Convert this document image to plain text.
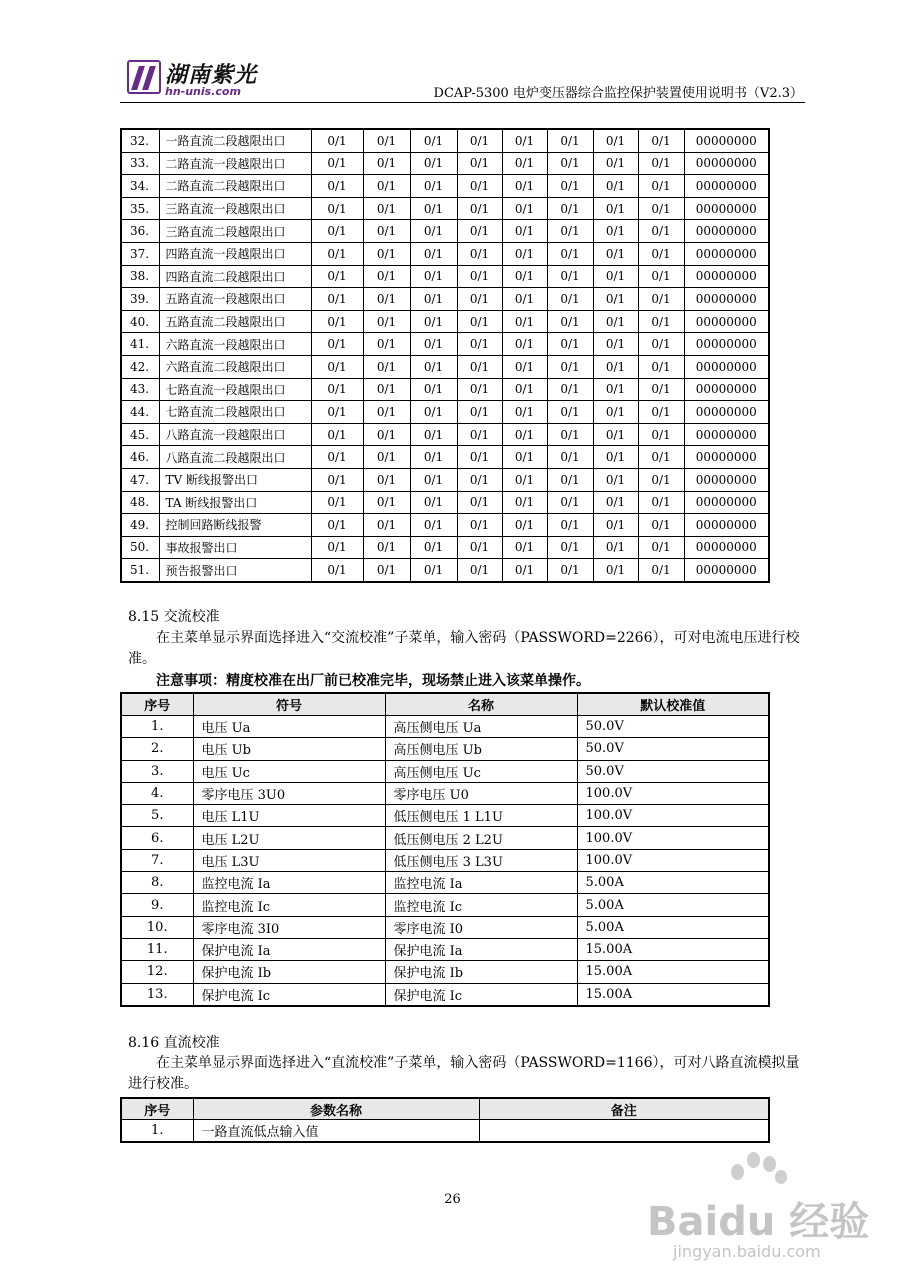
湖南紫光
hn-unis.com	DCAP-5300 电炉变压器综合监控保护装置使用说明书（V2.3）
32.	一路直流二段越限出口	0/1	0/1	0/1	0/1	0/1	0/1	0/1	0/1	00000000
33.	二路直流一段越限出口	0/1	0/1	0/1	0/1	0/1	0/1	0/1	0/1	00000000
34.	二路直流二段越限出口	0/1	0/1	0/1	0/1	0/1	0/1	0/1	0/1	00000000
35.	三路直流一段越限出口	0/1	0/1	0/1	0/1	0/1	0/1	0/1	0/1	00000000
36.	三路直流二段越限出口	0/1	0/1	0/1	0/1	0/1	0/1	0/1	0/1	00000000
37.	四路直流一段越限出口	0/1	0/1	0/1	0/1	0/1	0/1	0/1	0/1	00000000
38.	四路直流二段越限出口	0/1	0/1	0/1	0/1	0/1	0/1	0/1	0/1	00000000
39.	五路直流一段越限出口	0/1	0/1	0/1	0/1	0/1	0/1	0/1	0/1	00000000
40.	五路直流二段越限出口	0/1	0/1	0/1	0/1	0/1	0/1	0/1	0/1	00000000
41.	六路直流一段越限出口	0/1	0/1	0/1	0/1	0/1	0/1	0/1	0/1	00000000
42.	六路直流二段越限出口	0/1	0/1	0/1	0/1	0/1	0/1	0/1	0/1	00000000
43.	七路直流一段越限出口	0/1	0/1	0/1	0/1	0/1	0/1	0/1	0/1	00000000
44.	七路直流二段越限出口	0/1	0/1	0/1	0/1	0/1	0/1	0/1	0/1	00000000
45.	八路直流一段越限出口	0/1	0/1	0/1	0/1	0/1	0/1	0/1	0/1	00000000
46.	八路直流二段越限出口	0/1	0/1	0/1	0/1	0/1	0/1	0/1	0/1	00000000
47.	TV 断线报警出口	0/1	0/1	0/1	0/1	0/1	0/1	0/1	0/1	00000000
48.	TA 断线报警出口	0/1	0/1	0/1	0/1	0/1	0/1	0/1	0/1	00000000
49.	控制回路断线报警	0/1	0/1	0/1	0/1	0/1	0/1	0/1	0/1	00000000
50.	事故报警出口	0/1	0/1	0/1	0/1	0/1	0/1	0/1	0/1	00000000
51.	预告报警出口	0/1	0/1	0/1	0/1	0/1	0/1	0/1	0/1	00000000
8.15 交流校准
在主菜单显示界面选择进入“交流校准”子菜单，输入密码（PASSWORD=2266），可对电流电压进行校准。
注意事项：精度校准在出厂前已校准完毕，现场禁止进入该菜单操作。
序号	符号	名称	默认校准值
1.	电压 Ua	高压侧电压 Ua	50.0V
2.	电压 Ub	高压侧电压 Ub	50.0V
3.	电压 Uc	高压侧电压 Uc	50.0V
4.	零序电压 3U0	零序电压 U0	100.0V
5.	电压 L1U	低压侧电压 1 L1U	100.0V
6.	电压 L2U	低压侧电压 2 L2U	100.0V
7.	电压 L3U	低压侧电压 3 L3U	100.0V
8.	监控电流 Ia	监控电流 Ia	5.00A
9.	监控电流 Ic	监控电流 Ic	5.00A
10.	零序电流 3I0	零序电流 I0	5.00A
11.	保护电流 Ia	保护电流 Ia	15.00A
12.	保护电流 Ib	保护电流 Ib	15.00A
13.	保护电流 Ic	保护电流 Ic	15.00A
8.16 直流校准
在主菜单显示界面选择进入“直流校准”子菜单，输入密码（PASSWORD=1166），可对八路直流模拟量进行校准。
序号	参数名称	备注
1.	一路直流低点输入值	
26	Baidu 经验
jingyan.baidu.com
